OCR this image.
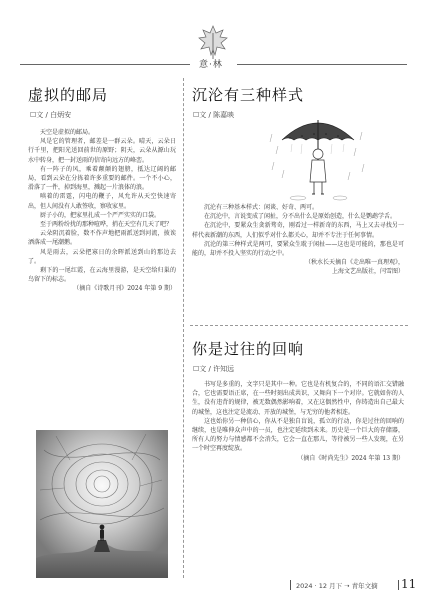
意·林
虚拟的邮局
☐文 / 白炳安

天空是虚拟的邮局。

风是它的管理者，邮差是一群云朵。晴天，云朵日行千里，把阳光送回前世的原野；阴天，云朵从源山玩水中转身，把一封送雨的信寄向远方的峰峦。

有一阵子的风，乘着颠颠的翅膀，抵达辽阔的邮局，看到云朵在分拣着许多重要的邮件。一个不小心，滑落了一件，掉到海里，溅起一片浪体的浪。

嗔着的雷霆，闪电的鞭子，风允许从天空快速寄出，但人间没有人敢签收，察收家里。

厨子小的，把家里扎成一个严严实实的口袋。

至于两粉纷扰的那种喧哗，捎在天空有几天了吧？

云朵阴沉着脸，数不作声地把雨派送到河流，披诶洒落成一尾潮鹅。

风是雨去，云朵把寡日的余晖派送到山的那边去了。

剩下的一尾红霞，在云海里漫游，是天空给归巢的鸟留下的标志。

（摘自《诗歌月刊》2024 年第 9 期）

沉沦有三种样式
☐文 / 陈嘉映

沉沦有三种基本样式：闲谈、好奇、两可。

在沉沦中，言说变成了闲扯，分不出什么是原始创造，什么是鹦鹉学舌。

在沉沦中，要紧众生贪新骛奇，刚看过一样新奇的东西，马上又去寻找另一样代表新潮的东西，人们似乎对什么都关心，却并不专注于任何事情。

沉沦的第三种样式是两可，要紧众生耽于闲扯——这也是可能的，那也是可能的，却并不投入坚实的行动之中。

（秋水长天摘自《走出唯一真理观》，

上海文艺出版社，闫雪图）

你是过往的回响
☐文 / 许知远

书写是多重的，文字只是其中一种。它也是有机复合的，不同的语汇交错融合，它也需要语正席，在一些时刻出成共识，又舞向下一个对岸。它就如你的人生，没有违背的规律，被无数偶然影响着，又在这偶然性中，你铸造出自己最大的城堡，这也注定是流动、开放的城堡，与无穷的他者相连。

这也始你另一种信心，你从不是独自盲说，孤立的行动，你是过往的回响的继续，也是唯伸众声中的一员，也注定延续到未来。历史是一个巨大的存储器，所有人的努力与情感都不会消失，它会一直在那儿，等待被另一些人发现，在另一个时空再度绽放。

（摘自《时尚先生》2024 年第 13 期）

2024 · 12 月下 ➝ 青年文摘 11
